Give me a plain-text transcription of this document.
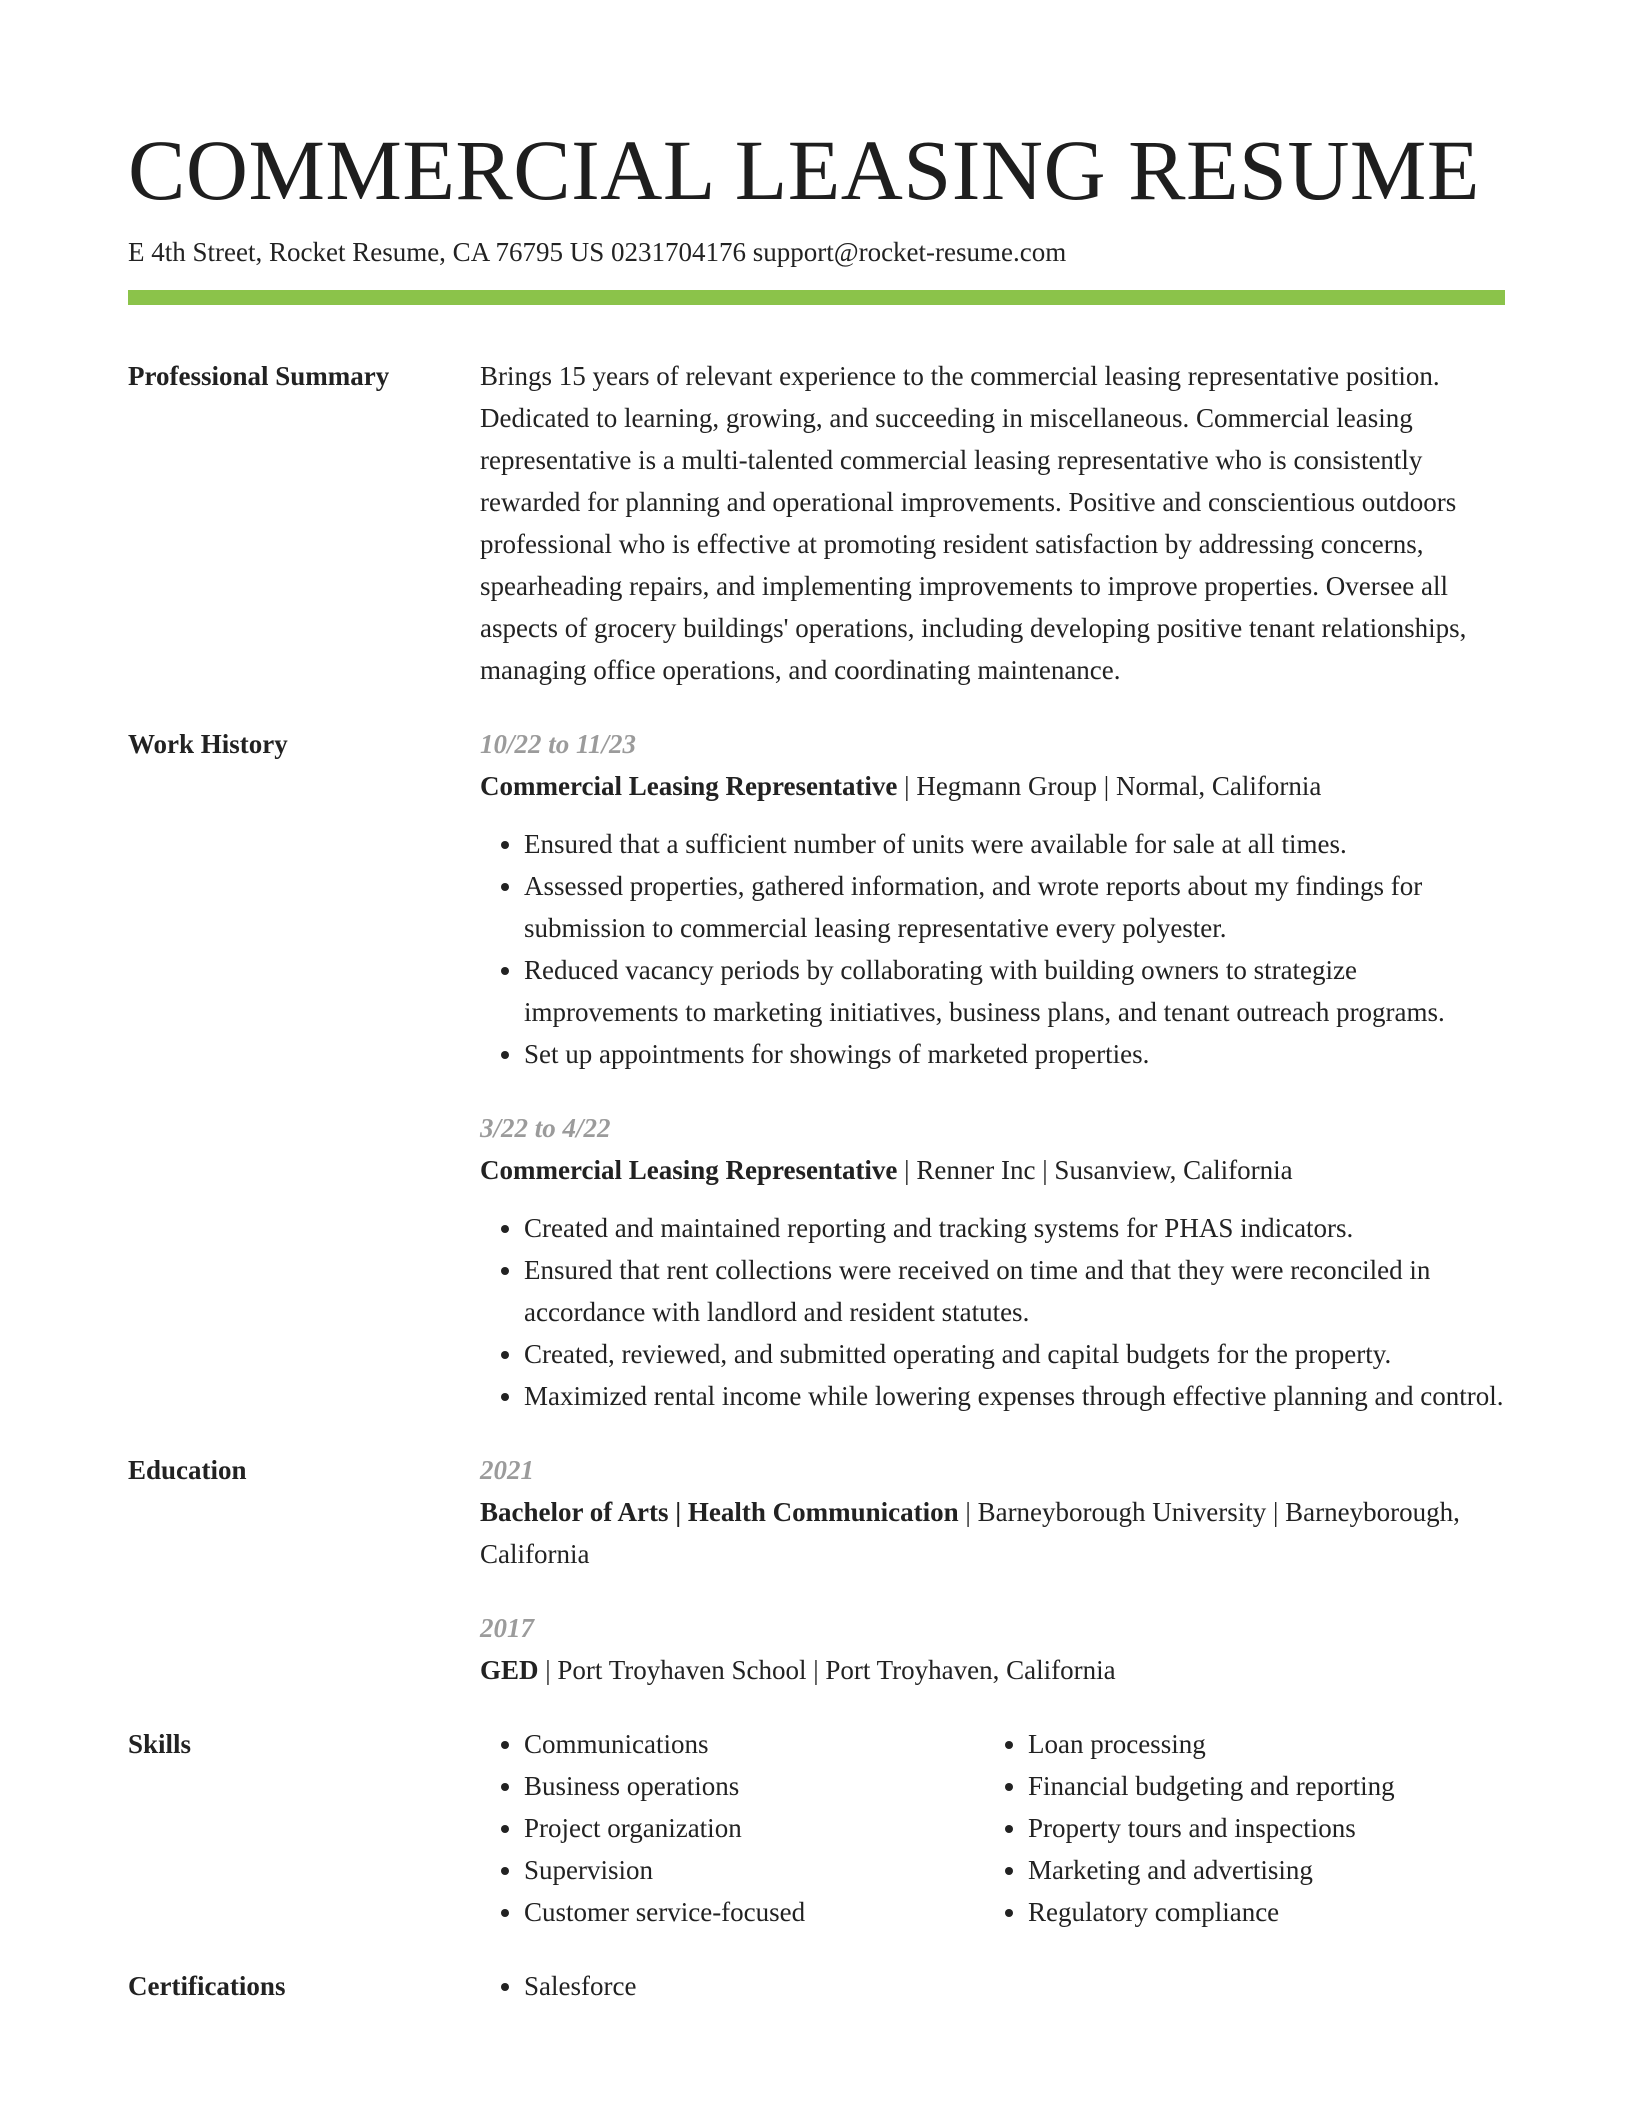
COMMERCIAL LEASING RESUME
E 4th Street, Rocket Resume, CA 76795 US 0231704176 support@rocket-resume.com
Professional Summary	Brings 15 years of relevant experience to the commercial leasing representative position. Dedicated to learning, growing, and succeeding in miscellaneous. Commercial leasing representative is a multi-talented commercial leasing representative who is consistently rewarded for planning and operational improvements. Positive and conscientious outdoors professional who is effective at promoting resident satisfaction by addressing concerns, spearheading repairs, and implementing improvements to improve properties. Oversee all aspects of grocery buildings' operations, including developing positive tenant relationships, managing office operations, and coordinating maintenance.

Work History	10/22 to 11/23
Commercial Leasing Representative | Hegmann Group | Normal, California
• Ensured that a sufficient number of units were available for sale at all times.
• Assessed properties, gathered information, and wrote reports about my findings for submission to commercial leasing representative every polyester.
• Reduced vacancy periods by collaborating with building owners to strategize improvements to marketing initiatives, business plans, and tenant outreach programs.
• Set up appointments for showings of marketed properties.
3/22 to 4/22
Commercial Leasing Representative | Renner Inc | Susanview, California
• Created and maintained reporting and tracking systems for PHAS indicators.
• Ensured that rent collections were received on time and that they were reconciled in accordance with landlord and resident statutes.
• Created, reviewed, and submitted operating and capital budgets for the property.
• Maximized rental income while lowering expenses through effective planning and control.
Education	2021
Bachelor of Arts | Health Communication | Barneyborough University | Barneyborough, California
2017
GED | Port Troyhaven School | Port Troyhaven, California
Skills	• Communications
• Business operations
• Project organization
• Supervision
• Customer service-focused
• Loan processing
• Financial budgeting and reporting
• Property tours and inspections
• Marketing and advertising
• Regulatory compliance
Certifications	• Salesforce
